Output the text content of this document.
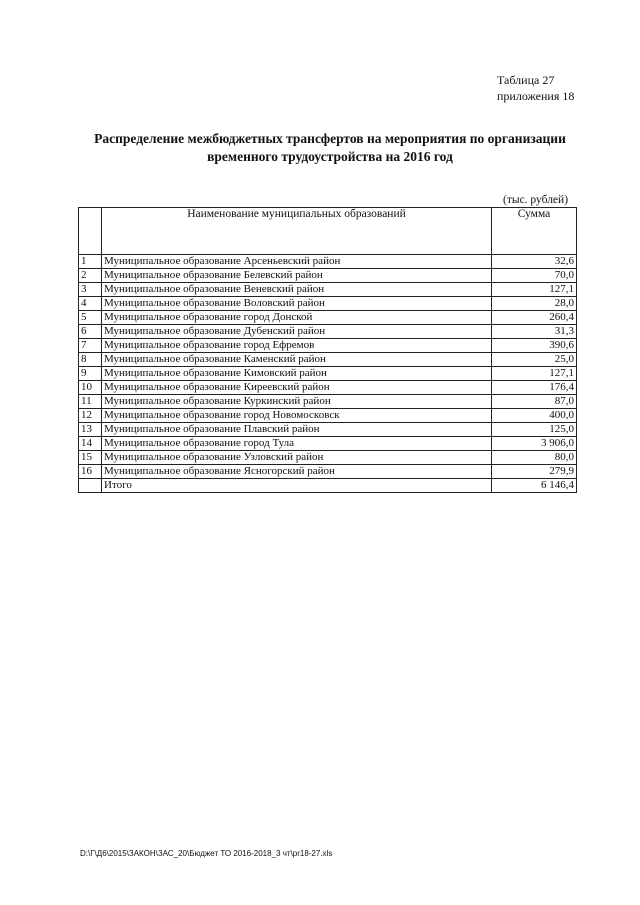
Таблица 27
приложения 18
Распределение межбюджетных трансфертов на мероприятия по организации
временного трудоустройства на 2016 год
(тыс. рублей)
	Наименование муниципальных образований	Сумма
1	Муниципальное образование Арсеньевский район	32,6
2	Муниципальное образование Белевский район	70,0
3	Муниципальное образование Веневский район	127,1
4	Муниципальное образование Воловский район	28,0
5	Муниципальное образование город Донской	260,4
6	Муниципальное образование Дубенский район	31,3
7	Муниципальное образование город Ефремов	390,6
8	Муниципальное образование Каменский район	25,0
9	Муниципальное образование Кимовский район	127,1
10	Муниципальное образование Киреевский район	176,4
11	Муниципальное образование Куркинский район	87,0
12	Муниципальное образование город Новомосковск	400,0
13	Муниципальное образование Плавский район	125,0
14	Муниципальное образование город Тула	3 906,0
15	Муниципальное образование Узловский район	80,0
16	Муниципальное образование Ясногорский район	279,9
	Итого	6 146,4
D:\Г\Д6\2015\ЗАКОН\ЗАС_20\Бюджет ТО 2016-2018_3 чт\pr18-27.xls
